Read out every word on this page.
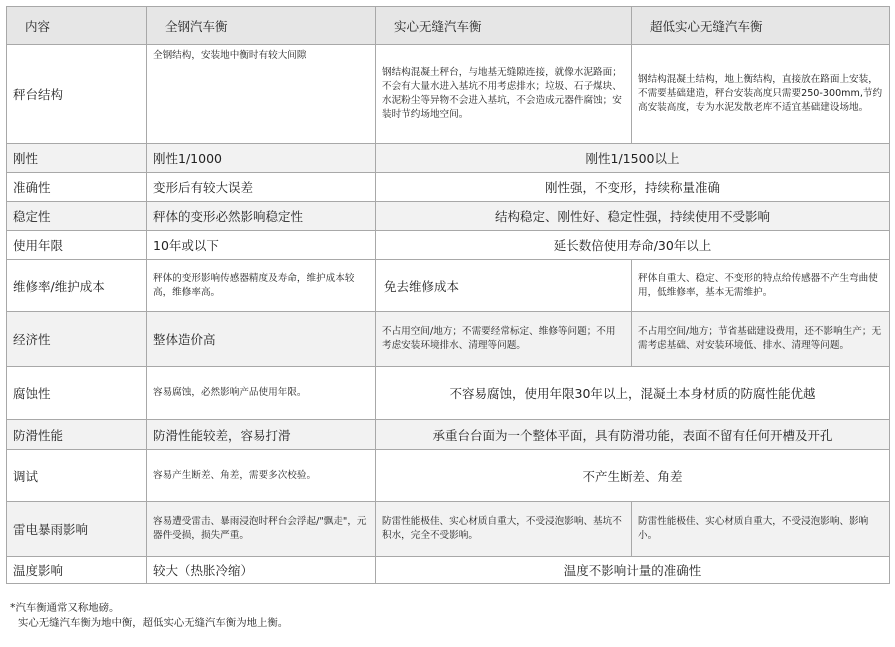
内容	全钢汽车衡	实心无缝汽车衡	超低实心无缝汽车衡
秤台结构	全钢结构，安装地中衡时有较大间隙	钢结构混凝土秤台，与地基无缝隙连接，就像水泥路面；不会有大量水进入基坑不用考虑排水；垃圾、石子煤块、水泥粉尘等异物不会进入基坑，不会造成元器件腐蚀；安装时节约场地空间。	钢结构混凝土结构，地上衡结构，直接放在路面上安装，不需要基础建造，秤台安装高度只需要250-300mm,节约高安装高度，专为水泥发散老库不适宜基础建设场地。
刚性	刚性1/1000	刚性1/1500以上	
准确性	变形后有较大误差	刚性强，不变形，持续称量准确	
稳定性	秤体的变形必然影响稳定性	结构稳定、刚性好、稳定性强，持续使用不受影响	
使用年限	10年或以下	延长数倍使用寿命/30年以上	
维修率/维护成本	秤体的变形影响传感器精度及寿命，维护成本较高，维修率高。	免去维修成本	秤体自重大、稳定、不变形的特点给传感器不产生弯曲使用，低维修率，基本无需维护。
经济性	整体造价高	不占用空间/地方；不需要经常标定、维修等问题；不用考虑安装环境排水、清理等问题。	不占用空间/地方；节省基础建设费用，还不影响生产；无需考虑基础、对安装环境低、排水、清理等问题。
腐蚀性	容易腐蚀，必然影响产品使用年限。	不容易腐蚀，使用年限30年以上，混凝土本身材质的防腐性能优越	
防滑性能	防滑性能较差，容易打滑	承重台台面为一个整体平面，具有防滑功能，表面不留有任何开槽及开孔	
调试	容易产生断差、角差，需要多次校验。	不产生断差、角差	
雷电暴雨影响	容易遭受雷击、暴雨浸泡时秤台会浮起/"飘走"，元器件受损，损失严重。	防雷性能极佳、实心材质自重大，不受浸泡影响、基坑不积水，完全不受影响。	防雷性能极佳、实心材质自重大，不受浸泡影响、影响小。
温度影响	较大（热胀冷缩）	温度不影响计量的准确性	
*汽车衡通常又称地磅。
实心无缝汽车衡为地中衡，超低实心无缝汽车衡为地上衡。
